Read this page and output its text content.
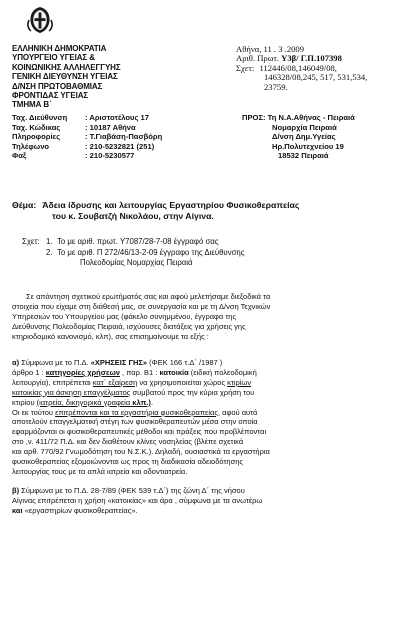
ΕΛΛΗΝΙΚΗ ΔΗΜΟΚΡΑΤΙΑ
ΥΠΟΥΡΓΕΙΟ ΥΓΕΙΑΣ &
ΚΟΙΝΩΝΙΚΗΣ ΑΛΛΗΛΕΓΓΥΗΣ
ΓΕΝΙΚΗ ΔΙΕΥΘΥΝΣΗ ΥΓΕΙΑΣ
Δ/ΝΣΗ ΠΡΩΤΟΒΑΘΜΙΑΣ
ΦΡΟΝΤΙΔΑΣ ΥΓΕΙΑΣ
ΤΜΗΜΑ Β΄
Αθήνα, 11 . 3 .2009
Αριθ. Πρωτ. Υ3β/ Γ.Π.107398
Σχετ: 112446/08,146049/08,
146328/08,245, 517, 531,534,
23759.
Ταχ. Διεύθυνση : Αριστοτέλους 17
Ταχ. Κώδικας	: 10187 Αθήνα
Πληροφορίες	: Τ.Γιαβάση-Πασβόρη
Τηλέφωνο	: 210-5232821 (251)
Φαξ	: 210-5230577
ΠΡΟΣ: Τη Ν.Α.Αθήνας - Πειραιά
Νομαρχία Πειραιά
Δ/νση Δημ.Υγείας
Ηρ.Πολυτεχνείου 19
18532 Πειραιά
Θέμα: Άδεια ίδρυσης και λειτουργίας Εργαστηρίου Φυσικοθεραπείας
του κ. Σουβατζή Νικολάου, στην Αίγινα.
Σχετ: 1. Το με αριθ. πρωτ. Υ7087/28-7-08 έγγραφό σας
2. Το με αριθ. Π 272/46/13-2-09 έγγραφο της Διεύθυνσης
Πολεοδομίας Νομαρχίας Πειραιά
Σε απάντηση σχετικού ερωτήματός σας και αφού μελετήσαμε διεξοδικά τα
στοιχεία που είχαμε στη διάθεσή μας, σε συνεργασία και με τη Δ/νση Τεχνικών
Υπηρεσιών του Υπουργείου μας (φάκελο συνημμένου, έγγραφα της
Διεύθυνσης Πολεοδομίας Πειραιά, ισχύουσες διατάξεις για χρήσεις γης
κτηριοδομικό κανονισμό, κλπ), σας επισημαίνουμε τα εξής :
α) Σύμφωνα με το Π.Δ. «ΧΡΗΣΕΙΣ ΓΗΣ» (ΦΕΚ 166 τ.Δ΄ /1987 )
άρθρο 1 : κατηγορίες χρήσεων , παρ. Β1 : κατοικία (ειδική πολεοδομική
λειτουργία), επιτρέπεται κατ΄ εξαίρεση να χρησιμοποιείται χώρος κτιρίων
κατοικίας για άσκηση επαγγέλματος συμβατού προς την κύρια χρήση του
κτιρίου (ιατρεία, δικηγορικά γραφεία κλπ.).
Οι εκ τούτου επιτρέπονται και τα εργαστήρια φυσικοθεραπείας, αφού αυτά
αποτελούν επαγγελματική στέγη των φυσικοθεραπευτών μέσα στην οποία
εφαρμόζονται οι φυσικοθεραπευτικές μέθοδοι και πράξεις που προβλέπονται
στο ,ν. 411/72 Π.Δ. και δεν διαθέτουν κλίνες νοσηλείας (βλέπε σχετικά
και αρθ. 770/92 Γνωμοδότηση του Ν.Σ.Κ.). Δηλαδή, ουσιαστικά τα εργαστήρια
φυσικοθεραπείας εξομοιώνονται ως προς τη διαδικασία αδειοδότησης
λειτουργίας τους με τα απλά ιατρεία και οδοντιατρεία.
β) Σύμφωνα με το Π.Δ. 28-7/89 (ΦΕΚ 539 τ.Δ΄) της ζώνη Δ΄ της νήσου
Αίγινας επιτρέπεται η χρήση «κατοικίας» και άρα , σύμφωνα με τα ανωτέρω
και «εργαστηρίων φυσικοθεραπείας».
